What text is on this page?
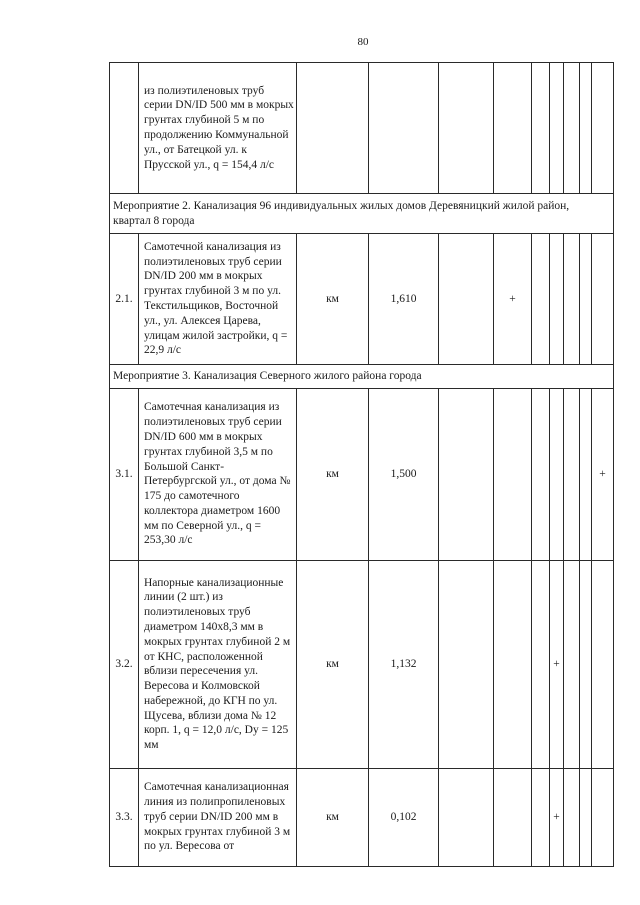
80

	из полиэтиленовых труб серии DN/ID 500 мм в мокрых грунтах глубиной 5 м по продолжению Коммунальной ул., от Батецкой ул. к Прусской ул., q = 154,4 л/с									

Мероприятие 2. Канализация 96 индивидуальных жилых домов Деревяницкий жилой район, квартал 8 города										
2.1.	Самотечной канализация из полиэтиленовых труб серии DN/ID 200 мм в мокрых грунтах глубиной 3 м по ул. Текстильщиков, Восточной ул., ул. Алексея Царева, улицам жилой застройки, q = 22,9 л/с	км	1,610		+					
Мероприятие 3. Канализация Северного жилого района города										
3.1.	Самотечная канализация из полиэтиленовых труб серии DN/ID 600 мм в мокрых грунтах глубиной 3,5 м по Большой Санкт-Петербургской ул., от дома № 175 до самотечного коллектора диаметром 1600 мм по Северной ул., q = 253,30 л/с	км	1,500							+
3.2.	Напорные канализационные линии (2 шт.) из полиэтиленовых труб диаметром 140х8,3 мм в мокрых грунтах глубиной 2 м от КНС, расположенной вблизи пересечения ул. Вересова и Колмовской набережной, до КГН по ул. Щусева, вблизи дома № 12 корп. 1, q = 12,0 л/с, Dy = 125 мм	км	1,132				+			
3.3.	Самотечная канализационная линия из полипропиленовых труб серии DN/ID 200 мм в мокрых грунтах глубиной 3 м по ул. Вересова от	км	0,102				+			
